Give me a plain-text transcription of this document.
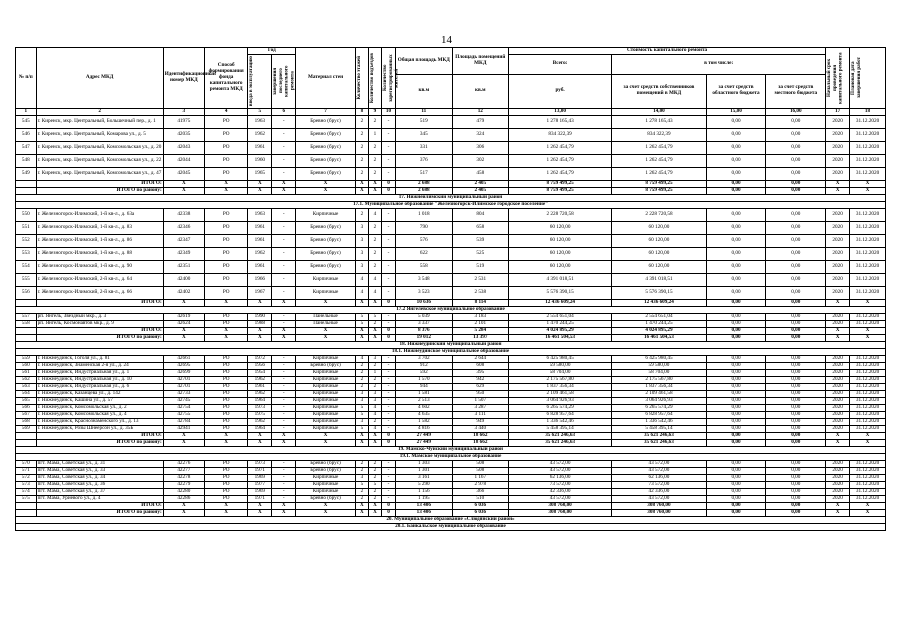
14
№ п/п	Адрес МКД	Идентификационный номер МКД	Способ формирования фонда капитального ремонта МКД	Год		Материал стен	Количество этажей	Количество подъездов	Количество зарегистрированных жителей	Общая площадь МКД	Площадь помещений МКД	Стоимость капитального ремонта				Начальный срок проведения капитального ремонта	Плановая дата завершения работ

				ввода в эксплуатацию	завершения последнего капитального ремонта							Всего:	в том числе:				
										кв.м	кв.м	руб.	за счет средств собственников помещений в МКД	за счет средств областного бюджета	за счет средств местного бюджета		
1	2	3	4	5	6	7	8	9	10	11	12	13,00	14,00	15,00	16,00	17	18
545	г. Киренск, мкр. Центральный, Большечный пер., д. 1	41975	РО	1963	-	Бревно (брус)	2	2	-	519	479	1 278 165,43	1 278 165,43	0,00	0,00	2020	31.12.2020
546	г. Киренск, мкр. Центральный, Комарова ул., д. 5	42035	РО	1962	-	Бревно (брус)	2	1	-	345	324	834 322,39	834 322,39	0,00	0,00	2020	31.12.2020
547	г. Киренск, мкр. Центральный, Комсомольская ул., д. 20	42043	РО	1961	-	Бревно (брус)	2	2	-	331	306	1 262 454,79	1 262 454,79	0,00	0,00	2020	31.12.2020
548	г. Киренск, мкр. Центральный, Комсомольская ул., д. 22	42044	РО	1960	-	Бревно (брус)	2	2	-	376	302	1 262 454,79	1 262 454,79	0,00	0,00	2020	31.12.2020
549	г. Киренск, мкр. Центральный, Комсомольская ул., д. 47	42045	РО	1965	-	Бревно (брус)	2	2	-	517	458	1 262 454,79	1 262 454,79	0,00	0,00	2020	31.12.2020
	ИТОГО:	X	X	X	X	X	X	X	0	2 688	2 405	8 759 499,25	8 759 499,25	0,00	0,00	X	X
	ИТОГО по району:	X	X	X	X	X	X	X	0	2 688	2 405	8 759 499,25	8 759 499,25	0,00	0,00	X	X
17. Нижнеилимский муниципальный район																	
17.1. Муниципальное образование "Железногорск-Илимское городское поселение"																	
550	г. Железногорск-Илимский, 1-й кв-л., д. 63а	42338	РО	1963	-	Кирпичные	2	4	-	1 018	804	2 228 720,58	2 228 720,58	0,00	0,00	2020	31.12.2020
551	г. Железногорск-Илимский, 1-й кв-л., д. 83	42346	РО	1961	-	Бревно (брус)	3	2	-	790	658	60 120,00	60 120,00	0,00	0,00	2020	31.12.2020
552	г. Железногорск-Илимский, 1-й кв-л., д. 86	42347	РО	1961	-	Бревно (брус)	3	2	-	576	539	60 120,00	60 120,00	0,00	0,00	2020	31.12.2020
553	г. Железногорск-Илимский, 1-й кв-л., д. 88	42349	РО	1962	-	Бревно (брус)	3	2	-	622	525	60 120,00	60 120,00	0,00	0,00	2020	31.12.2020
554	г. Железногорск-Илимский, 1-й кв-л., д. 90	42351	РО	1961	-	Бревно (брус)	3	2	-	558	519	60 120,00	60 120,00	0,00	0,00	2020	31.12.2020
555	г. Железногорск-Илимский, 2-й кв-л., д. 64	42400	РО	1966	-	Кирпичные	4	4	-	3 548	2 531	4 391 018,51	4 391 018,51	0,00	0,00	2020	31.12.2020
556	г. Железногорск-Илимский, 2-й кв-л., д. 66	42402	РО	1967	-	Кирпичные	4	4	-	3 523	2 538	5 576 390,15	5 576 390,15	0,00	0,00	2020	31.12.2020
	ИТОГО:	X	X	X	X	X	X	X	0	10 636	8 114	12 436 609,24	12 436 609,24	0,00	0,00	X	X
17.2 Янгелевское муниципальное образование																	
557	рп. Янгель, Звездный мкр., д. 3	42619	РО	1990	-	Панельные	5	5	-	5 039	3 183	2 554 651,04	2 554 651,04	0,00	0,00	2020	31.12.2020
558	рп. Янгель, Космонавтов мкр., д. 9	42624	РО	1988	-	Панельные	5	2	-	3 337	2 101	1 470 244,25	1 470 244,25	0,00	0,00	2020	31.12.2020
	ИТОГО:	X	X	X	X	X	X	X	0	8 376	5 284	4 024 895,29	4 024 895,29	0,00	0,00	X	X
	ИТОГО по району:	X	X	X	X	X	X	X	0	19 012	13 397	16 461 504,53	16 461 504,53	0,00	0,00	X	X
18. Нижнеудинский муниципальный район																	
18.1. Нижнеудинское муниципальное образование																	
559	г. Нижнеудинск, Гоголя ул., д. 81	42661	РО	1972	-	Кирпичные	4	3	-	3 702	2 644	6 425 980,45	6 425 980,45	0,00	0,00	2020	31.12.2020
560	г. Нижнеудинск, Знаменская 2-я ул., д. 24	42695	РО	1956	-	Бревно (брус)	2	2	-	912	608	59 580,00	59 580,00	0,00	0,00	2020	31.12.2020
561	г. Нижнеудинск, Индустриальная ул., д. 1	42699	РО	1954	-	Кирпичные	2	1	-	592	395	58 704,00	58 704,00	0,00	0,00	2020	31.12.2020
562	г. Нижнеудинск, Индустриальная ул., д. 10	42701	РО	1962	-	Кирпичные	2	2	-	1 570	942	2 175 567,80	2 175 567,80	0,00	0,00	2020	31.12.2020
563	г. Нижнеудинск, Индустриальная ул., д. 6	42701	РО	1961	-	Кирпичные	2	2	-	944	629	1 837 356,34	1 837 356,34	0,00	0,00	2020	31.12.2020
564	г. Нижнеудинск, Казанцева ул., д. 142	42733	РО	1962	-	Кирпичные	3	3	-	1 581	950	2 109 461,58	2 109 461,58	0,00	0,00	2020	31.12.2020
565	г. Нижнеудинск, Кашина ул., д. 57	42745	РО	1964	-	Кирпичные	3	3	-	2 513	1 507	3 064 926,93	3 064 926,93	0,00	0,00	2020	31.12.2020
566	г. Нижнеудинск, Комсомольская ул., д. 2	42754	РО	1973	-	Кирпичные	5	4	-	4 602	3 287	6 265 574,29	6 265 574,29	0,00	0,00	2020	31.12.2020
567	г. Нижнеудинск, Комсомольская ул., д. 4	42755	РО	1975	-	Кирпичные	5	4	-	4 635	3 111	6 828 957,64	6 828 957,64	0,00	0,00	2020	31.12.2020
568	г. Нижнеудинск, Краснознаменского ул., д. 13	42784	РО	1962	-	Кирпичные	3	2	-	1 582	949	1 336 542,46	1 336 542,46	0,00	0,00	2020	31.12.2020
569	г. Нижнеудинск, Розы Шнеерсон ул., д. 35Б	42941	РО	1964	-	Кирпичные	5	4	-	4 816	3 440	5 458 395,14	5 458 395,14	0,00	0,00	2020	31.12.2020
	ИТОГО:	X	X	X	X	X	X	X	0	27 449	18 662	35 621 246,63	35 621 246,63	0,00	0,00	X	X
	ИТОГО по району:	X	X	X	X	X	X	X	0	27 449	18 662	35 621 246,63	35 621 246,63	0,00	0,00	X	X
19. Мамско-Чуйский муниципальный район																	
19.1. Мамское муниципальное образование																	
570	пгт. Мама, Советская ул., д. 31	42276	РО	1973	-	Бревно (брус)	2	2	-	1 303	508	43 572,00	43 572,00	0,00	0,00	2020	31.12.2020
571	пгт. Мама, Советская ул., д. 33	42277	РО	1971	-	Бревно (брус)	2	2	-	1 301	508	43 572,00	43 572,00	0,00	0,00	2020	31.12.2020
572	пгт. Мама, Советская ул., д. 34	42278	РО	1969	-	Кирпичные	3	2	-	3 161	1 167	62 136,00	62 136,00	0,00	0,00	2020	31.12.2020
573	пгт. Мама, Советская ул., д. 36	42279	РО	1977	-	Кирпичные	5	5	-	5 290	2 978	73 572,00	73 572,00	0,00	0,00	2020	31.12.2020
574	пгт. Мама, Советская ул., д. 37	42280	РО	1969	-	Кирпичные	2	2	-	1 156	366	42 336,00	42 336,00	0,00	0,00	2020	31.12.2020
575	пгт. Мама, Уриевого ул., д. 4	42286	РО	1971	-	Бревно (брус)	2	2	-	1 195	510	43 572,00	43 572,00	0,00	0,00	2020	31.12.2020
	ИТОГО:	X	X	X	X	X	X	X	0	13 406	6 036	308 760,00	308 760,00	0,00	0,00	X	X
	ИТОГО по району:	X	X	X	X	X	X	X	0	13 406	6 036	308 760,00	308 760,00	0,00	0,00	X	X
20. Муниципальное образование «Слюдянский район»																	
20.1. Байкальское муниципальное образование																	
